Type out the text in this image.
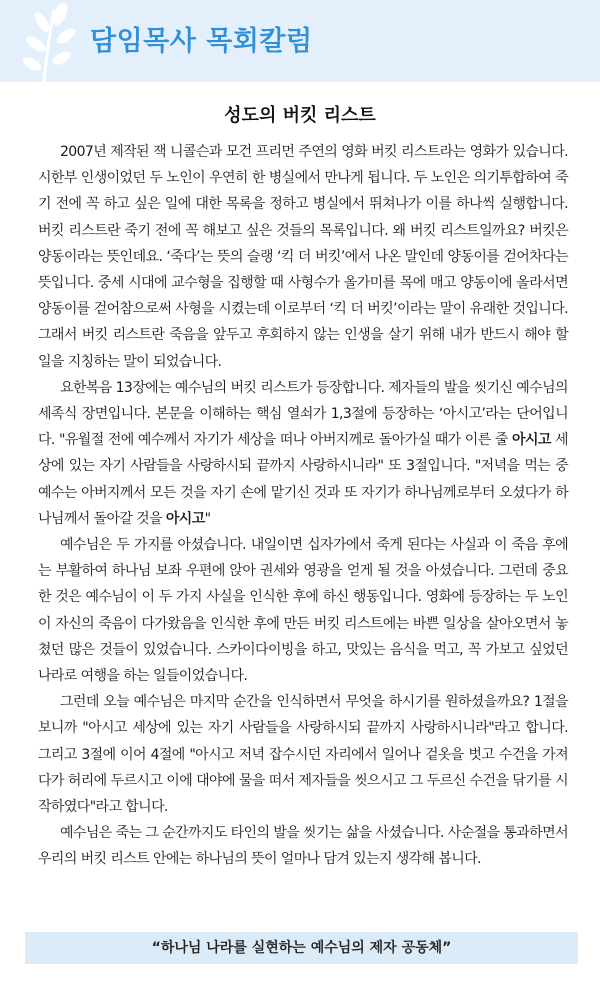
담임목사 목회칼럼
성도의 버킷 리스트

2007년 제작된 잭 니콜슨과 모건 프리먼 주연의 영화 버킷 리스트라는 영화가 있습니다. 시한부 인생이었던 두 노인이 우연히 한 병실에서 만나게 됩니다. 두 노인은 의기투합하여 죽기 전에 꼭 하고 싶은 일에 대한 목록을 정하고 병실에서 뛰쳐나가 이를 하나씩 실행합니다. 버킷 리스트란 죽기 전에 꼭 해보고 싶은 것들의 목록입니다. 왜 버킷 리스트일까요? 버킷은 양동이라는 뜻인데요. ‘죽다’는 뜻의 슬랭 ‘킥 더 버킷’에서 나온 말인데 양동이를 걷어차다는 뜻입니다. 중세 시대에 교수형을 집행할 때 사형수가 올가미를 목에 매고 양동이에 올라서면 양동이를 걷어참으로써 사형을 시켰는데 이로부터 ‘킥 더 버킷’이라는 말이 유래한 것입니다. 그래서 버킷 리스트란 죽음을 앞두고 후회하지 않는 인생을 살기 위해 내가 반드시 해야 할 일을 지칭하는 말이 되었습니다.

요한복음 13장에는 예수님의 버킷 리스트가 등장합니다. 제자들의 발을 씻기신 예수님의 세족식 장면입니다. 본문을 이해하는 핵심 열쇠가 1,3절에 등장하는 ‘아시고’라는 단어입니다. "유월절 전에 예수께서 자기가 세상을 떠나 아버지께로 돌아가실 때가 이른 줄 아시고 세상에 있는 자기 사람들을 사랑하시되 끝까지 사랑하시니라" 또 3절입니다. "저녁을 먹는 중 예수는 아버지께서 모든 것을 자기 손에 맡기신 것과 또 자기가 하나님께로부터 오셨다가 하나님께서 돌아갈 것을 아시고"

예수님은 두 가지를 아셨습니다. 내일이면 십자가에서 죽게 된다는 사실과 이 죽음 후에는 부활하여 하나님 보좌 우편에 앉아 권세와 영광을 얻게 될 것을 아셨습니다. 그런데 중요한 것은 예수님이 이 두 가지 사실을 인식한 후에 하신 행동입니다. 영화에 등장하는 두 노인이 자신의 죽음이 다가왔음을 인식한 후에 만든 버킷 리스트에는 바쁜 일상을 살아오면서 놓쳤던 많은 것들이 있었습니다. 스카이다이빙을 하고, 맛있는 음식을 먹고, 꼭 가보고 싶었던 나라로 여행을 하는 일들이었습니다.

그런데 오늘 예수님은 마지막 순간을 인식하면서 무엇을 하시기를 원하셨을까요? 1절을 보니까 "아시고 세상에 있는 자기 사람들을 사랑하시되 끝까지 사랑하시니라"라고 합니다. 그리고 3절에 이어 4절에 "아시고 저녁 잡수시던 자리에서 일어나 겉옷을 벗고 수건을 가져다가 허리에 두르시고 이에 대야에 물을 떠서 제자들을 씻으시고 그 두르신 수건을 닦기를 시작하였다"라고 합니다.

예수님은 죽는 그 순간까지도 타인의 발을 씻기는 삶을 사셨습니다. 사순절을 통과하면서 우리의 버킷 리스트 안에는 하나님의 뜻이 얼마나 담겨 있는지 생각해 봅니다.

“하나님 나라를 실현하는 예수님의 제자 공동체”
